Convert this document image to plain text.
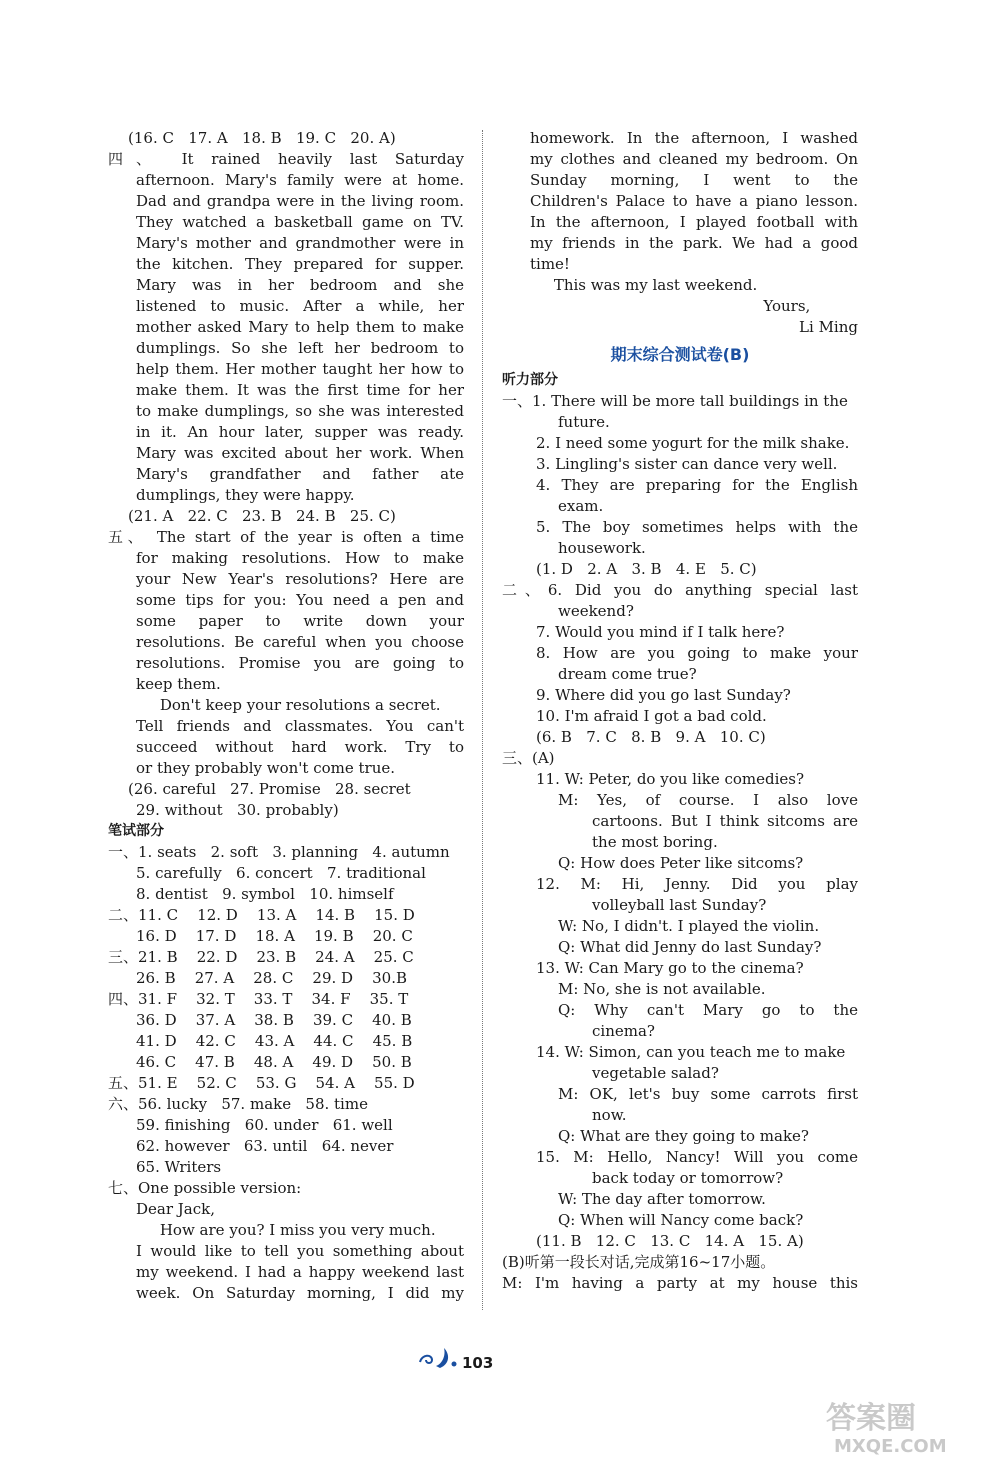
(16. C   17. A   18. B   19. C   20. A)
四、 It rained heavily last Saturday
afternoon. Mary's family were at home.
Dad and grandpa were in the living room.
They watched a basketball game on TV.
Mary's mother and grandmother were in
the kitchen. They prepared for supper.
Mary was in her bedroom and she
listened to music. After a while, her
mother asked Mary to help them to make
dumplings. So she left her bedroom to
help them. Her mother taught her how to
make them. It was the first time for her
to make dumplings, so she was interested
in it. An hour later, supper was ready.
Mary was excited about her work. When
Mary's grandfather and father ate
dumplings, they were happy.
(21. A   22. C   23. B   24. B   25. C)
五、 The start of the year is often a time
for making resolutions. How to make
your New Year's resolutions? Here are
some tips for you: You need a pen and
some paper to write down your
resolutions. Be careful when you choose
resolutions. Promise you are going to
keep them.
Don't keep your resolutions a secret.
Tell friends and classmates. You can't
succeed without hard work. Try to
or they probably won't come true.
(26. careful   27. Promise   28. secret
29. without   30. probably)
笔试部分
一、1. seats   2. soft   3. planning   4. autumn
5. carefully   6. concert   7. traditional
8. dentist   9. symbol   10. himself
二、11. C    12. D    13. A    14. B    15. D
16. D    17. D    18. A    19. B    20. C
三、21. B    22. D    23. B    24. A    25. C
26. B    27. A    28. C    29. D    30.B
四、31. F    32. T    33. T    34. F    35. T
36. D    37. A    38. B    39. C    40. B
41. D    42. C    43. A    44. C    45. B
46. C    47. B    48. A    49. D    50. B
五、51. E    52. C    53. G    54. A    55. D
六、56. lucky   57. make   58. time
59. finishing   60. under   61. well
62. however   63. until   64. never
65. Writers
七、One possible version:
Dear Jack,
How are you? I miss you very much.
I would like to tell you something about
my weekend. I had a happy weekend last
week. On Saturday morning, I did my
homework. In the afternoon, I washed
my clothes and cleaned my bedroom. On
Sunday morning, I went to the
Children's Palace to have a piano lesson.
In the afternoon, I played football with
my friends in the park. We had a good
time!
This was my last weekend.
Yours,
Li Ming
期末综合测试卷(B)
听力部分
一、1. There will be more tall buildings in the
future.
2. I need some yogurt for the milk shake.
3. Lingling's sister can dance very well.
4. They are preparing for the English
exam.
5. The boy sometimes helps with the
housework.
(1. D   2. A   3. B   4. E   5. C)
二、6. Did you do anything special last
weekend?
7. Would you mind if I talk here?
8. How are you going to make your
dream come true?
9. Where did you go last Sunday?
10. I'm afraid I got a bad cold.
(6. B   7. C   8. B   9. A   10. C)
三、(A)
11. W: Peter, do you like comedies?
M: Yes, of course. I also love
cartoons. But I think sitcoms are
the most boring.
Q: How does Peter like sitcoms?
12. M: Hi, Jenny. Did you play
volleyball last Sunday?
W: No, I didn't. I played the violin.
Q: What did Jenny do last Sunday?
13. W: Can Mary go to the cinema?
M: No, she is not available.
Q: Why can't Mary go to the
cinema?
14. W: Simon, can you teach me to make
vegetable salad?
M: OK, let's buy some carrots first
now.
Q: What are they going to make?
15. M: Hello, Nancy! Will you come
back today or tomorrow?
W: The day after tomorrow.
Q: When will Nancy come back?
(11. B   12. C   13. C   14. A   15. A)
(B)听第一段长对话,完成第16~17小题。
M: I'm having a party at my house this
103
答案圈
MXQE.COM
